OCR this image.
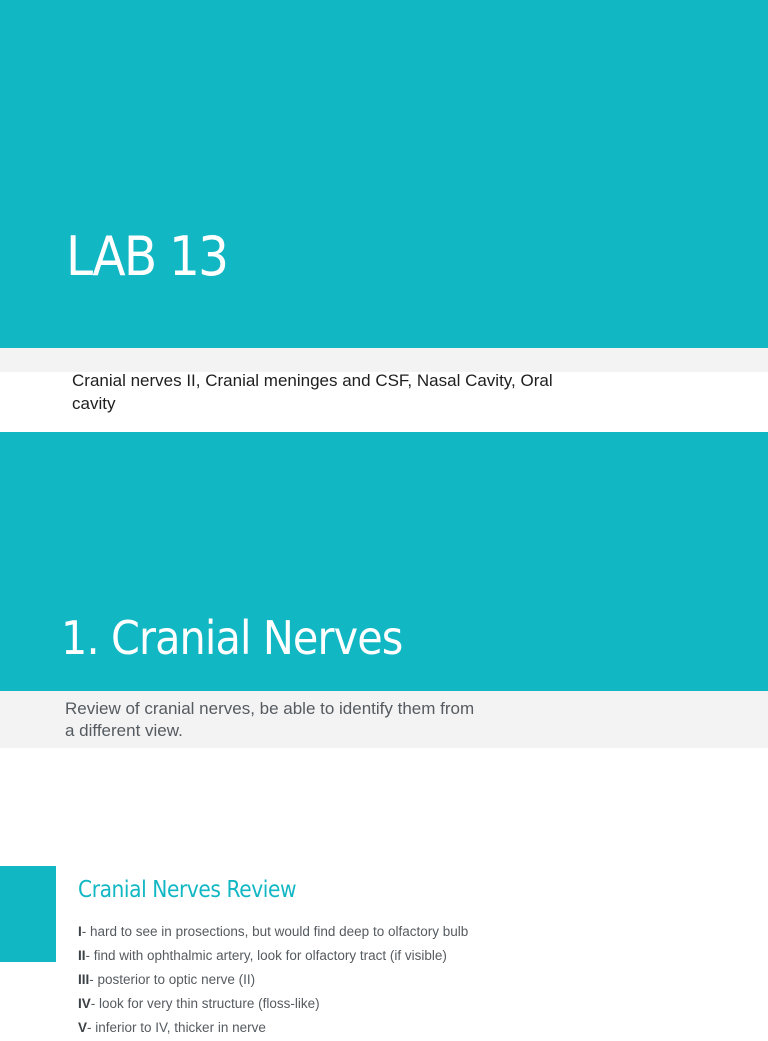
LAB 13

Cranial nerves II, Cranial meninges and CSF, Nasal Cavity, Oral cavity

1. Cranial Nerves

Review of cranial nerves, be able to identify them from a different view.

Cranial Nerves Review
I- hard to see in prosections, but would find deep to olfactory bulb
II- find with ophthalmic artery, look for olfactory tract (if visible)
III- posterior to optic nerve (II)
IV- look for very thin structure (floss-like)
V- inferior to IV, thicker in nerve
